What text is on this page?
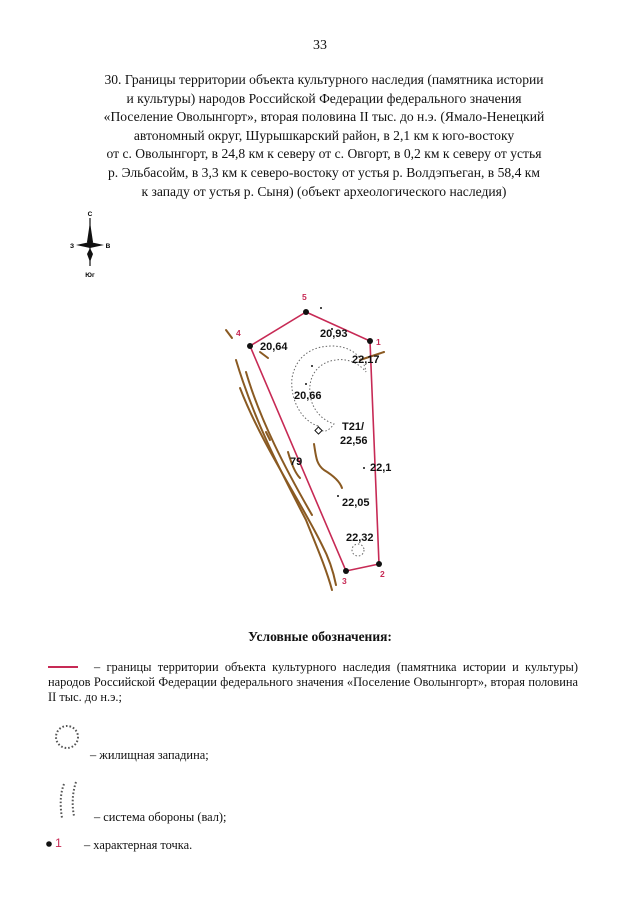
33
30. Границы территории объекта культурного наследия (памятника истории
и культуры) народов Российской Федерации федерального значения
«Поселение Оволынгорт», вторая половина II тыс. до н.э. (Ямало-Ненецкий
автономный округ, Шурышкарский район, в 2,1 км к юго-востоку
от с. Оволынгорт, в 24,8 км к северу от с. Овгорт, в 0,2 км к северу от устья
р. Эльбасойм, в 3,3 км к северо-востоку от устья р. Волдэпъеган, в 58,4 км
к западу от устья р. Сыня) (объект археологического наследия)
С
З	В
Юг
1
2
3
4
5
20,93
20,64
22,17
20,66
Т21/
22,56
22,1
79
22,05
22,32
Условные обозначения:
– границы территории объекта культурного наследия (памятника истории и культуры) народов Российской Федерации федерального значения «Поселение Оволынгорт», вторая половина II тыс. до н.э.;
– жилищная западина;
– система обороны (вал);
1 – характерная точка.
